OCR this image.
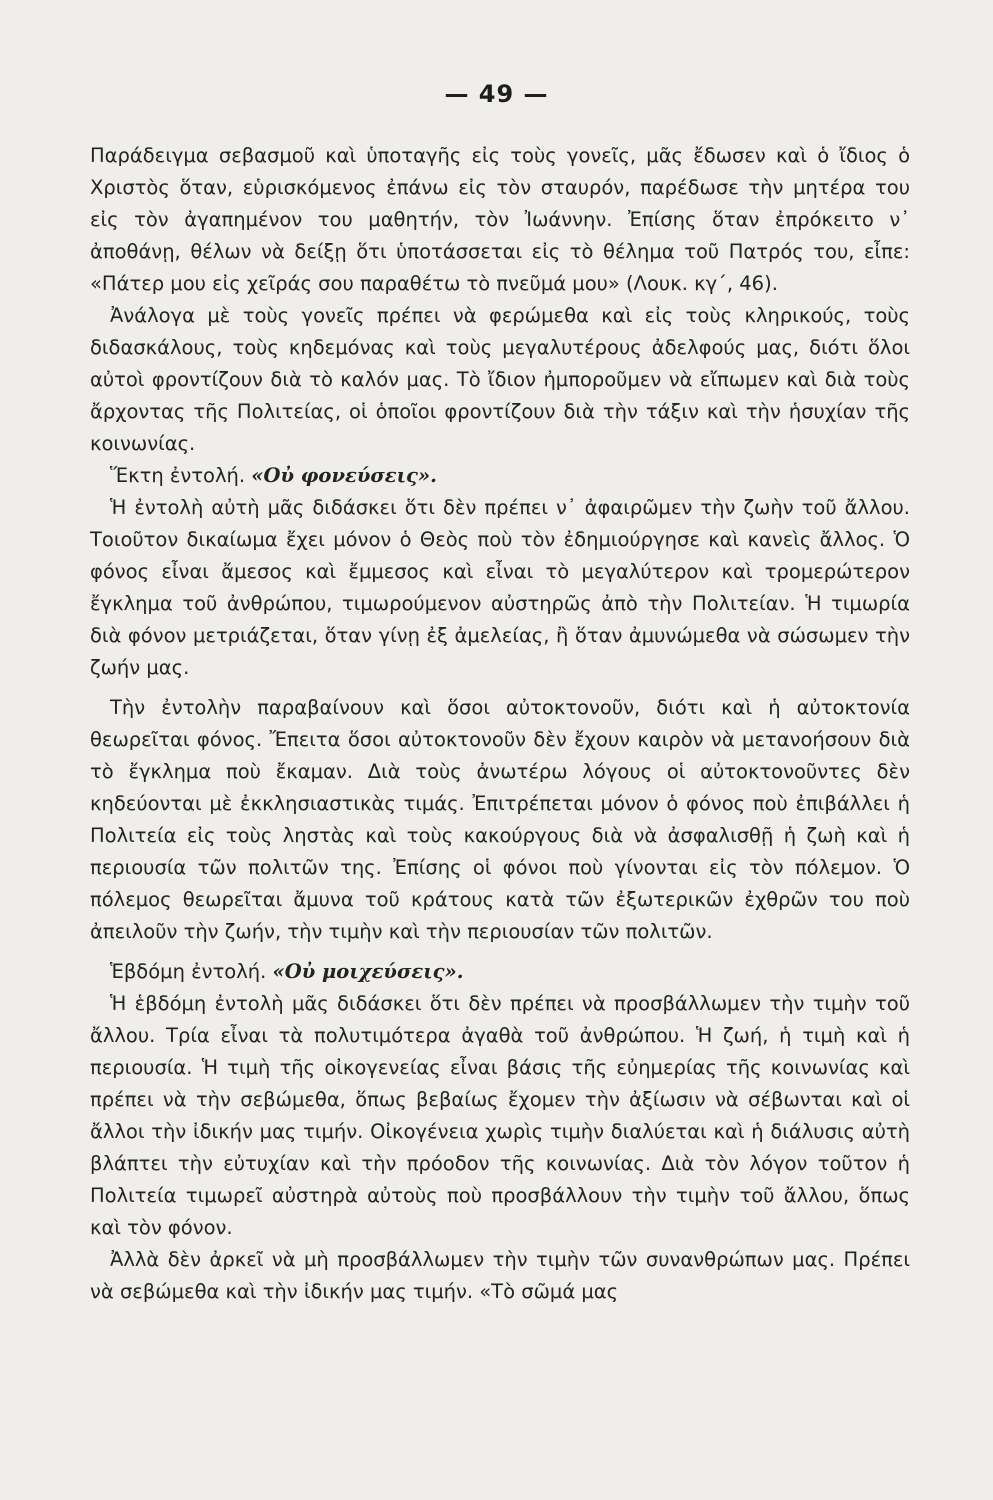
— 49 —

Παράδειγμα σεβασμοῦ καὶ ὑποταγῆς εἰς τοὺς γονεῖς, μᾶς ἔδωσεν καὶ ὁ ἴδιος ὁ Χριστὸς ὅταν, εὑρισκόμενος ἐπάνω εἰς τὸν σταυρόν, παρέδωσε τὴν μητέρα του εἰς τὸν ἀγαπημένον του μαθητήν, τὸν Ἰωάννην. Ἐπίσης ὅταν ἐπρόκειτο ν᾿ ἀποθάνῃ, θέλων νὰ δείξῃ ὅτι ὑποτάσσεται εἰς τὸ θέλημα τοῦ Πατρός του, εἶπε: «Πάτερ μου εἰς χεῖράς σου παραθέτω τὸ πνεῦμά μου» (Λουκ. κγ΄, 46).

Ἀνάλογα μὲ τοὺς γονεῖς πρέπει νὰ φερώμεθα καὶ εἰς τοὺς κληρικούς, τοὺς διδασκάλους, τοὺς κηδεμόνας καὶ τοὺς μεγαλυτέρους ἀδελφούς μας, διότι ὅλοι αὐτοὶ φροντίζουν διὰ τὸ καλόν μας. Τὸ ἴδιον ἠμποροῦμεν νὰ εἴπωμεν καὶ διὰ τοὺς ἄρχοντας τῆς Πολιτείας, οἱ ὁποῖοι φροντίζουν διὰ τὴν τάξιν καὶ τὴν ἡσυχίαν τῆς κοινωνίας.

Ἕκτη ἐντολή. «Οὐ φονεύσεις».

Ἡ ἐντολὴ αὐτὴ μᾶς διδάσκει ὅτι δὲν πρέπει ν᾿ ἀφαιρῶμεν τὴν ζωὴν τοῦ ἄλλου. Τοιοῦτον δικαίωμα ἔχει μόνον ὁ Θεὸς ποὺ τὸν ἐδημιούργησε καὶ κανεὶς ἄλλος. Ὁ φόνος εἶναι ἄμεσος καὶ ἔμμεσος καὶ εἶναι τὸ μεγαλύτερον καὶ τρομερώτερον ἔγκλημα τοῦ ἀνθρώπου, τιμωρούμενον αὐστηρῶς ἀπὸ τὴν Πολιτείαν. Ἡ τιμωρία διὰ φόνον μετριάζεται, ὅταν γίνῃ ἐξ ἀμελείας, ἢ ὅταν ἀμυνώμεθα νὰ σώσωμεν τὴν ζωήν μας.

Τὴν ἐντολὴν παραβαίνουν καὶ ὅσοι αὐτοκτονοῦν, διότι καὶ ἡ αὐτοκτονία θεωρεῖται φόνος. Ἔπειτα ὅσοι αὐτοκτονοῦν δὲν ἔχουν καιρὸν νὰ μετανοήσουν διὰ τὸ ἔγκλημα ποὺ ἔκαμαν. Διὰ τοὺς ἀνωτέρω λόγους οἱ αὐτοκτονοῦντες δὲν κηδεύονται μὲ ἐκκλησιαστικὰς τιμάς. Ἐπιτρέπεται μόνον ὁ φόνος ποὺ ἐπιβάλλει ἡ Πολιτεία εἰς τοὺς ληστὰς καὶ τοὺς κακούργους διὰ νὰ ἀσφαλισθῇ ἡ ζωὴ καὶ ἡ περιουσία τῶν πολιτῶν της. Ἐπίσης οἱ φόνοι ποὺ γίνονται εἰς τὸν πόλεμον. Ὁ πόλεμος θεωρεῖται ἄμυνα τοῦ κράτους κατὰ τῶν ἐξωτερικῶν ἐχθρῶν του ποὺ ἀπειλοῦν τὴν ζωήν, τὴν τιμὴν καὶ τὴν περιουσίαν τῶν πολιτῶν.

Ἑβδόμη ἐντολή. «Οὐ μοιχεύσεις».

Ἡ ἑβδόμη ἐντολὴ μᾶς διδάσκει ὅτι δὲν πρέπει νὰ προσβάλλωμεν τὴν τιμὴν τοῦ ἄλλου. Τρία εἶναι τὰ πολυτιμότερα ἀγαθὰ τοῦ ἀνθρώπου. Ἡ ζωή, ἡ τιμὴ καὶ ἡ περιουσία. Ἡ τιμὴ τῆς οἰκογενείας εἶναι βάσις τῆς εὐημερίας τῆς κοινωνίας καὶ πρέπει νὰ τὴν σεβώμεθα, ὅπως βεβαίως ἔχομεν τὴν ἀξίωσιν νὰ σέβωνται καὶ οἱ ἄλλοι τὴν ἰδικήν μας τιμήν. Οἰκογένεια χωρὶς τιμὴν διαλύεται καὶ ἡ διάλυσις αὐτὴ βλάπτει τὴν εὐτυχίαν καὶ τὴν πρόοδον τῆς κοινωνίας. Διὰ τὸν λόγον τοῦτον ἡ Πολιτεία τιμωρεῖ αὐστηρὰ αὐτοὺς ποὺ προσβάλλουν τὴν τιμὴν τοῦ ἄλλου, ὅπως καὶ τὸν φόνον.

Ἀλλὰ δὲν ἀρκεῖ νὰ μὴ προσβάλλωμεν τὴν τιμὴν τῶν συνανθρώπων μας. Πρέπει νὰ σεβώμεθα καὶ τὴν ἰδικήν μας τιμήν. «Τὸ σῶμά μας
